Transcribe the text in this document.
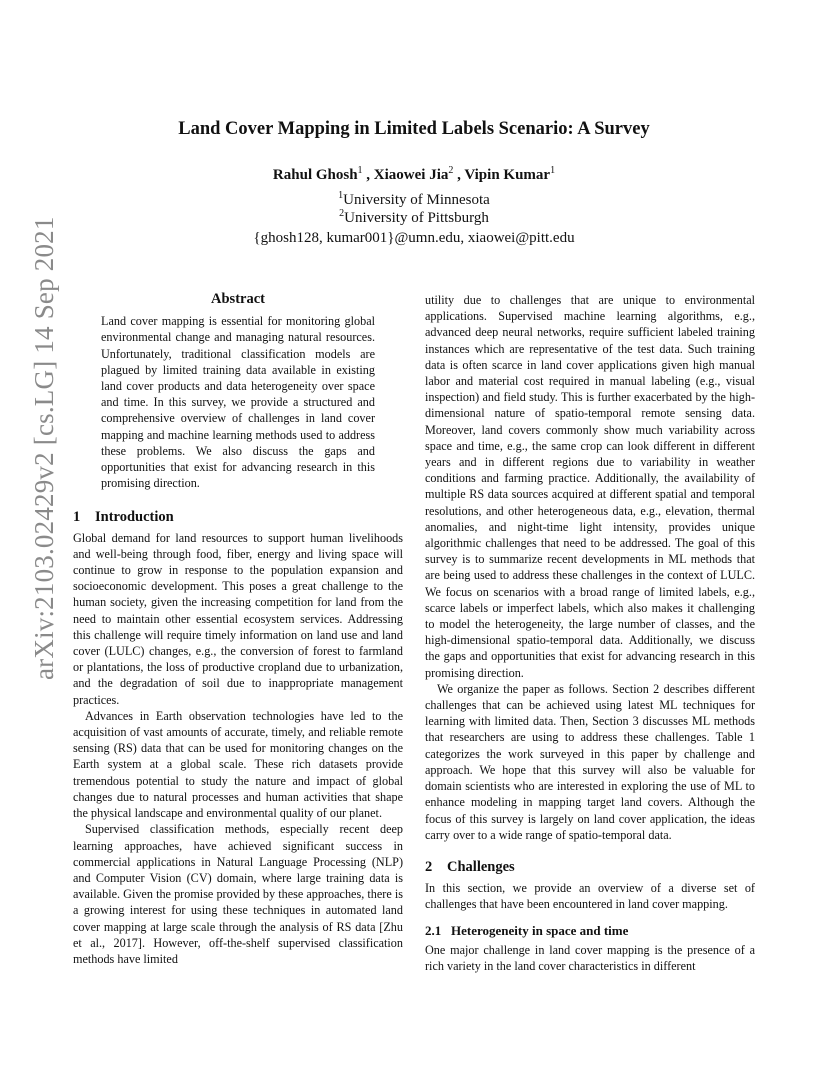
Land Cover Mapping in Limited Labels Scenario: A Survey
Rahul Ghosh$^1$ , Xiaowei Jia$^2$ , Vipin Kumar$^1$
$^1$University of Minnesota
$^2$University of Pittsburgh
{ghosh128, kumar001}@umn.edu, xiaowei@pitt.edu
arXiv:2103.02429v2 [cs.LG] 14 Sep 2021	Abstract
Land cover mapping is essential for monitoring global environmental change and managing natural resources. Unfortunately, traditional classification models are plagued by limited training data available in existing land cover products and data heterogeneity over space and time. In this survey, we provide a structured and comprehensive overview of challenges in land cover mapping and machine learning methods used to address these problems. We also discuss the gaps and opportunities that exist for advancing research in this promising direction.
1 Introduction

Global demand for land resources to support human livelihoods and well-being through food, fiber, energy and living space will continue to grow in response to the population expansion and socioeconomic development. This poses a great challenge to the human society, given the increasing competition for land from the need to maintain other essential ecosystem services. Addressing this challenge will require timely information on land use and land cover (LULC) changes, e.g., the conversion of forest to farmland or plantations, the loss of productive cropland due to urbanization, and the degradation of soil due to inappropriate management practices.

Advances in Earth observation technologies have led to the acquisition of vast amounts of accurate, timely, and reliable remote sensing (RS) data that can be used for monitoring changes on the Earth system at a global scale. These rich datasets provide tremendous potential to study the nature and impact of global changes due to natural processes and human activities that shape the physical landscape and environmental quality of our planet.

Supervised classification methods, especially recent deep learning approaches, have achieved significant success in commercial applications in Natural Language Processing (NLP) and Computer Vision (CV) domain, where large training data is available. Given the promise provided by these approaches, there is a growing interest for using these techniques in automated land cover mapping at large scale through the analysis of RS data [Zhu et al., 2017]. However, off-the-shelf supervised classification methods have limited

utility due to challenges that are unique to environmental applications. Supervised machine learning algorithms, e.g., advanced deep neural networks, require sufficient labeled training instances which are representative of the test data. Such training data is often scarce in land cover applications given high manual labor and material cost required in manual labeling (e.g., visual inspection) and field study. This is further exacerbated by the high-dimensional nature of spatio-temporal remote sensing data. Moreover, land covers commonly show much variability across space and time, e.g., the same crop can look different in different years and in different regions due to variability in weather conditions and farming practice. Additionally, the availability of multiple RS data sources acquired at different spatial and temporal resolutions, and other heterogeneous data, e.g., elevation, thermal anomalies, and night-time light intensity, provides unique algorithmic challenges that need to be addressed. The goal of this survey is to summarize recent developments in ML methods that are being used to address these challenges in the context of LULC. We focus on scenarios with a broad range of limited labels, e.g., scarce labels or imperfect labels, which also makes it challenging to model the heterogeneity, the large number of classes, and the high-dimensional spatio-temporal data. Additionally, we discuss the gaps and opportunities that exist for advancing research in this promising direction.

We organize the paper as follows. Section 2 describes different challenges that can be achieved using latest ML techniques for learning with limited data. Then, Section 3 discusses ML methods that researchers are using to address these challenges. Table 1 categorizes the work surveyed in this paper by challenge and approach. We hope that this survey will also be valuable for domain scientists who are interested in exploring the use of ML to enhance modeling in mapping target land covers. Although the focus of this survey is largely on land cover application, the ideas carry over to a wide range of spatio-temporal data.

2 Challenges

In this section, we provide an overview of a diverse set of challenges that have been encountered in land cover mapping.

2.1 Heterogeneity in space and time

One major challenge in land cover mapping is the presence of a rich variety in the land cover characteristics in different
